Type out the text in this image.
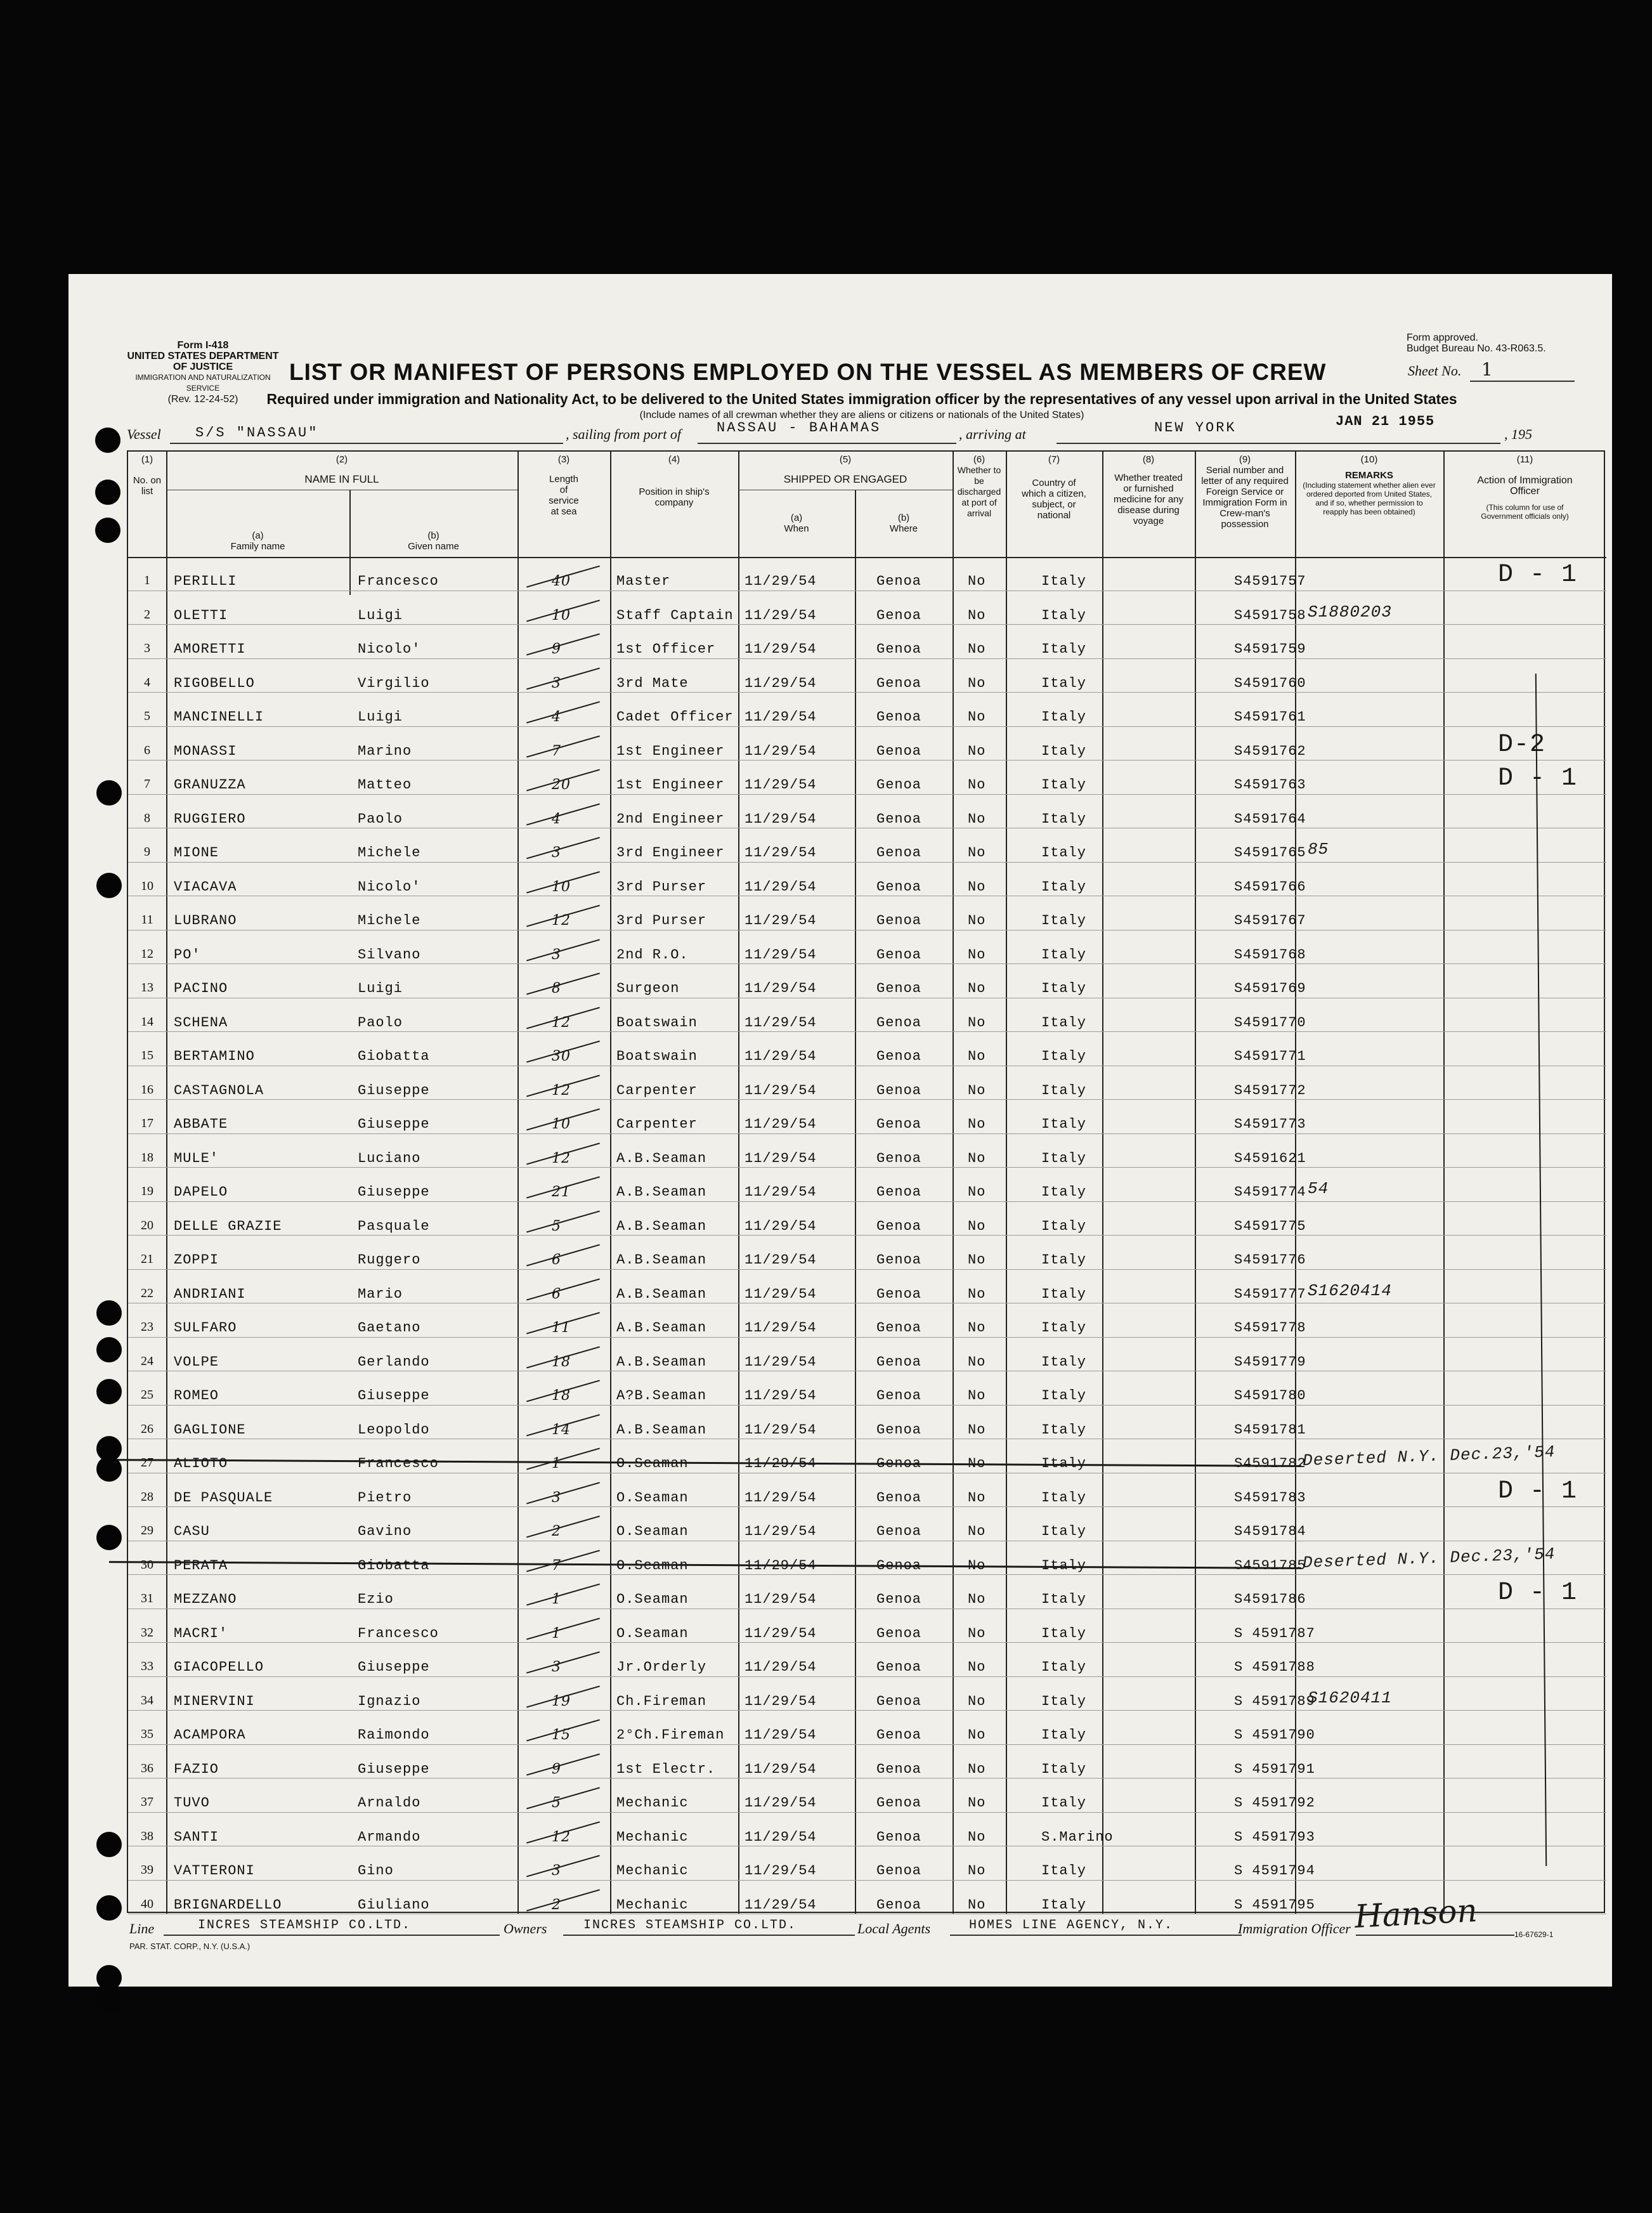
Form I-418
UNITED STATES DEPARTMENT OF JUSTICE
IMMIGRATION AND NATURALIZATION SERVICE
(Rev. 12-24-52)
Form approved.
Budget Bureau No. 43-R063.5.
LIST OR MANIFEST OF PERSONS EMPLOYED ON THE VESSEL AS MEMBERS OF CREW	Sheet No. 1
Required under immigration and Nationality Act, to be delivered to the United States immigration officer by the representatives of any vessel upon arrival in the United States
(Include names of all crewman whether they are aliens or citizens or nationals of the United States)
Vessel S/S "NASSAU"	, sailing from port of	NASSAU - BAHAMAS	, arriving at	NEW YORK	JAN 21 1955
, 195
(1)
No. on list
(2)
NAME IN FULL
(a)
Family name
(b)
Given name
(3)
Length of service at sea
(4)
Position in ship's company
(5)
SHIPPED OR ENGAGED
(a)
When
(b)
Where
(6)
Whether to be discharged at port of arrival
(7)
Country of which a citizen, subject, or national
(8)
Whether treated or furnished medicine for any disease during voyage
(9)
Serial number and letter of any required Foreign Service or Immigration Form in Crew-man's possession
(10)
REMARKS
(Including statement whether alien ever ordered deported from United States, and if so, whether permission to reapply has been obtained)
(11)
Action of Immigration Officer
(This column for use of Government officials only)
1	PERILLI	Francesco	40	Master	11/29/54	Genoa	No	Italy	S4591757	D - 1
2	OLETTI	Luigi	10	Staff Captain 11/29/54	Genoa	No	Italy	S4591758 S1880203
3	AMORETTI	Nicolo'	9	1st Officer 11/29/54	Genoa	No	Italy	S4591759
4	RIGOBELLO	Virgilio	3	3rd Mate	11/29/54	Genoa	No	Italy	S4591760
5	MANCINELLI	Luigi	4	Cadet Officer 11/29/54	Genoa	No	Italy	S4591761
6	MONASSI	Marino	7	1st Engineer 11/29/54	Genoa	No	Italy	S4591762	D-2
7	GRANUZZA	Matteo	20	1st Engineer 11/29/54	Genoa	No	Italy	S4591763	D - 1
8	RUGGIERO	Paolo	4	2nd Engineer 11/29/54	Genoa	No	Italy	S4591764
9	MIONE	Michele	3	3rd Engineer 11/29/54	Genoa	No	Italy	S4591765 85
10	VIACAVA	Nicolo'	10	3rd Purser	11/29/54	Genoa	No	Italy	S4591766
11	LUBRANO	Michele	12	3rd Purser	11/29/54	Genoa	No	Italy	S4591767
12	PO'	Silvano	3	2nd R.O.	11/29/54	Genoa	No	Italy	S4591768
13	PACINO	Luigi	8	Surgeon	11/29/54	Genoa	No	Italy	S4591769
14	SCHENA	Paolo	12	Boatswain	11/29/54	Genoa	No	Italy	S4591770
15	BERTAMINO	Giobatta	30	Boatswain	11/29/54	Genoa	No	Italy	S4591771
16	CASTAGNOLA	Giuseppe	12	Carpenter	11/29/54	Genoa	No	Italy	S4591772
17	ABBATE	Giuseppe	10	Carpenter	11/29/54	Genoa	No	Italy	S4591773
18	MULE'	Luciano	12	A.B.Seaman	11/29/54	Genoa	No	Italy	S4591621
19	DAPELO	Giuseppe	21	A.B.Seaman	11/29/54	Genoa	No	Italy	S4591774 54
20	DELLE GRAZIE	Pasquale	5	A.B.Seaman	11/29/54	Genoa	No	Italy	S4591775
21	ZOPPI	Ruggero	6	A.B.Seaman	11/29/54	Genoa	No	Italy	S4591776
22	ANDRIANI	Mario	6	A.B.Seaman	11/29/54	Genoa	No	Italy	S4591777 S1620414
23	SULFARO	Gaetano	11	A.B.Seaman	11/29/54	Genoa	No	Italy	S4591778
24	VOLPE	Gerlando	18	A.B.Seaman	11/29/54	Genoa	No	Italy	S4591779
25	ROMEO	Giuseppe	18	A?B.Seaman	11/29/54	Genoa	No	Italy	S4591780
26	GAGLIONE	Leopoldo	14	A.B.Seaman	11/29/54	Genoa	No	Italy	S4591781
27	ALIOTO	Francesco	1	O.Seaman	11/29/54	Genoa	No	Italy	S4591782
Deserted N.Y. Dec.23,'54
28	DE PASQUALE	Pietro	3	O.Seaman	11/29/54	Genoa	No	Italy	S4591783	D - 1
29	CASU	Gavino	2	O.Seaman	11/29/54	Genoa	No	Italy	S4591784
30	PERATA	Giobatta	7	O.Seaman	11/29/54	Genoa	No	Italy	S4591785
Deserted N.Y. Dec.23,'54
31	MEZZANO	Ezio	1	O.Seaman	11/29/54	Genoa	No	Italy	S4591786	D - 1
32	MACRI'	Francesco	1	O.Seaman	11/29/54	Genoa	No	Italy	S 4591787
33	GIACOPELLO	Giuseppe	3	Jr.Orderly	11/29/54	Genoa	No	Italy	S 4591788
34	MINERVINI	Ignazio	19	Ch.Fireman	11/29/54	Genoa	No	Italy	S 4591789
S1620411
35	ACAMPORA	Raimondo	15	2°Ch.Fireman 11/29/54	Genoa	No	Italy	S 4591790
36	FAZIO	Giuseppe	9	1st Electr. 11/29/54	Genoa	No	Italy	S 4591791
37	TUVO	Arnaldo	5	Mechanic	11/29/54	Genoa	No	Italy	S 4591792
38	SANTI	Armando	12	Mechanic	11/29/54	Genoa	No	S.Marino	S 4591793
39	VATTERONI	Gino	3	Mechanic	11/29/54	Genoa	No	Italy	S 4591794
40	BRIGNARDELLO	Giuliano	2	Mechanic	11/29/54	Genoa	No	Italy	S 4591795
Line	INCRES STEAMSHIP CO.LTD.	Owners	INCRES STEAMSHIP CO.LTD.	Local Agents	HOMES LINE AGENCY, N.Y.	Immigration Officer Hanson
PAR. STAT. CORP., N.Y. (U.S.A.)
16-67629-1
